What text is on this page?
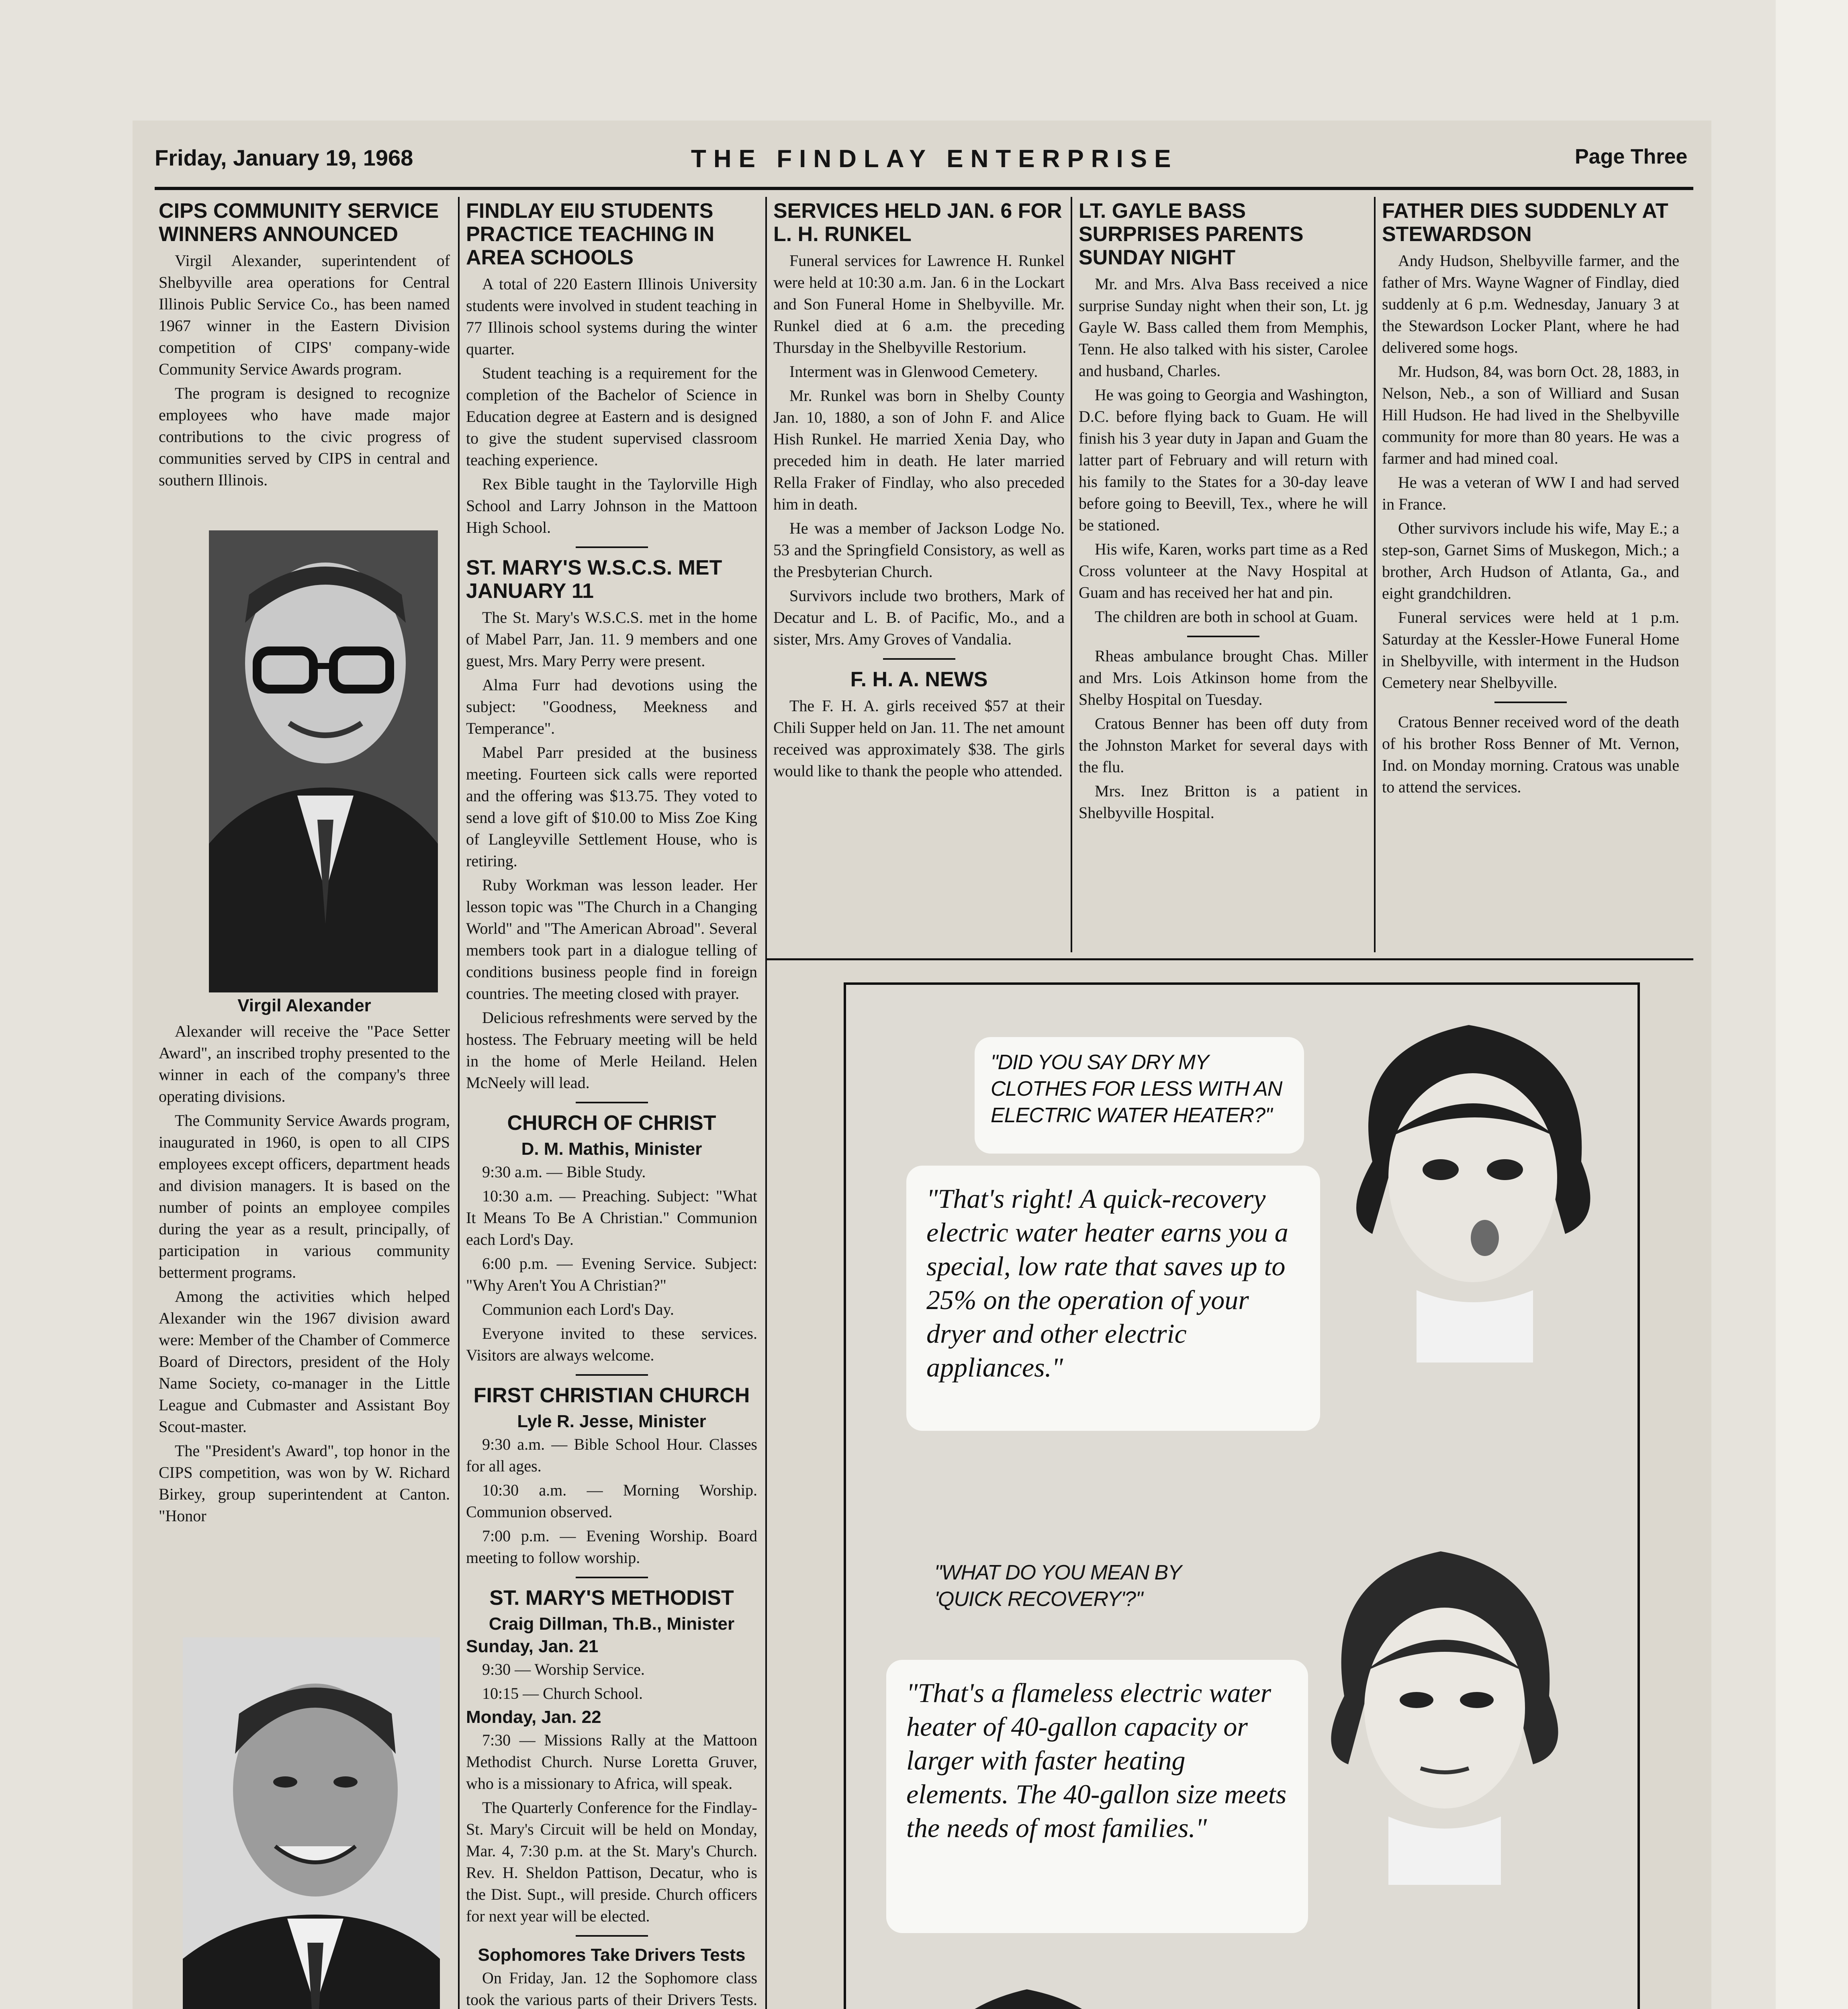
Friday, January 19, 1968	THE FINDLAY ENTERPRISE	Page Three
CIPS COMMUNITY SERVICE WINNERS ANNOUNCED

Virgil Alexander, superintendent of Shelbyville area operations for Central Illinois Public Service Co., has been named 1967 winner in the Eastern Division competition of CIPS' company-wide Community Service Awards program.

The program is designed to recognize employees who have made major contributions to the civic progress of communities served by CIPS in central and southern Illinois.

Virgil Alexander

Alexander will receive the "Pace Setter Award", an inscribed trophy presented to the winner in each of the company's three operating divisions.

The Community Service Awards program, inaugurated in 1960, is open to all CIPS employees except officers, department heads and division managers. It is based on the number of points an employee compiles during the year as a result, principally, of participation in various community betterment programs.

Among the activities which helped Alexander win the 1967 division award were: Member of the Chamber of Commerce Board of Directors, president of the Holy Name Society, co-manager in the Little League and Cubmaster and Assistant Boy Scout-master.

The "President's Award", top honor in the CIPS competition, was won by W. Richard Birkey, group superintendent at Canton. "Honor

FINDLAY EIU STUDENTS PRACTICE TEACHING IN AREA SCHOOLS

A total of 220 Eastern Illinois University students were involved in student teaching in 77 Illinois school systems during the winter quarter.

Student teaching is a requirement for the completion of the Bachelor of Science in Education degree at Eastern and is designed to give the student supervised classroom teaching experience.

Rex Bible taught in the Taylorville High School and Larry Johnson in the Mattoon High School.

ST. MARY'S W.S.C.S. MET JANUARY 11

The St. Mary's W.S.C.S. met in the home of Mabel Parr, Jan. 11. 9 members and one guest, Mrs. Mary Perry were present.

Alma Furr had devotions using the subject: "Goodness, Meekness and Temperance".

Mabel Parr presided at the business meeting. Fourteen sick calls were reported and the offering was $13.75. They voted to send a love gift of $10.00 to Miss Zoe King of Langleyville Settlement House, who is retiring.

Ruby Workman was lesson leader. Her lesson topic was "The Church in a Changing World" and "The American Abroad". Several members took part in a dialogue telling of conditions business people find in foreign countries. The meeting closed with prayer.

Delicious refreshments were served by the hostess. The February meeting will be held in the home of Merle Heiland. Helen McNeely will lead.

CHURCH OF CHRIST
D. M. Mathis, Minister

9:30 a.m. — Bible Study.

10:30 a.m. — Preaching. Subject: "What It Means To Be A Christian." Communion each Lord's Day.

6:00 p.m. — Evening Service. Subject: "Why Aren't You A Christian?"

Communion each Lord's Day.

Everyone invited to these services. Visitors are always welcome.

FIRST CHRISTIAN CHURCH
Lyle R. Jesse, Minister

9:30 a.m. — Bible School Hour. Classes for all ages.

10:30 a.m. — Morning Worship. Communion observed.

7:00 p.m. — Evening Worship. Board meeting to follow worship.

ST. MARY'S METHODIST
Craig Dillman, Th.B., Minister
Sunday, Jan. 21

9:30 — Worship Service.

10:15 — Church School.

Monday, Jan. 22

7:30 — Missions Rally at the Mattoon Methodist Church. Nurse Loretta Gruver, who is a missionary to Africa, will speak.

The Quarterly Conference for the Findlay-St. Mary's Circuit will be held on Monday, Mar. 4, 7:30 p.m. at the St. Mary's Church. Rev. H. Sheldon Pattison, Decatur, who is the Dist. Supt., will preside. Church officers for next year will be elected.

Sophomores Take Drivers Tests

On Friday, Jan. 12 the Sophomore class took the various parts of their Drivers Tests.

SERVICES HELD JAN. 6 FOR L. H. RUNKEL

Funeral services for Lawrence H. Runkel were held at 10:30 a.m. Jan. 6 in the Lockart and Son Funeral Home in Shelbyville. Mr. Runkel died at 6 a.m. the preceding Thursday in the Shelbyville Restorium.

Interment was in Glenwood Cemetery.

Mr. Runkel was born in Shelby County Jan. 10, 1880, a son of John F. and Alice Hish Runkel. He married Xenia Day, who preceded him in death. He later married Rella Fraker of Findlay, who also preceded him in death.

He was a member of Jackson Lodge No. 53 and the Springfield Consistory, as well as the Presbyterian Church.

Survivors include two brothers, Mark of Decatur and L. B. of Pacific, Mo., and a sister, Mrs. Amy Groves of Vandalia.

F. H. A. NEWS

The F. H. A. girls received $57 at their Chili Supper held on Jan. 11. The net amount received was approximately $38. The girls would like to thank the people who attended.

LT. GAYLE BASS SURPRISES PARENTS SUNDAY NIGHT

Mr. and Mrs. Alva Bass received a nice surprise Sunday night when their son, Lt. jg Gayle W. Bass called them from Memphis, Tenn. He also talked with his sister, Carolee and husband, Charles.

He was going to Georgia and Washington, D.C. before flying back to Guam. He will finish his 3 year duty in Japan and Guam the latter part of February and will return with his family to the States for a 30-day leave before going to Beevill, Tex., where he will be stationed.

His wife, Karen, works part time as a Red Cross volunteer at the Navy Hospital at Guam and has received her hat and pin.

The children are both in school at Guam.

Rheas ambulance brought Chas. Miller and Mrs. Lois Atkinson home from the Shelby Hospital on Tuesday.

Cratous Benner has been off duty from the Johnston Market for several days with the flu.

Mrs. Inez Britton is a patient in Shelbyville Hospital.

FATHER DIES SUDDENLY AT STEWARDSON

Andy Hudson, Shelbyville farmer, and the father of Mrs. Wayne Wagner of Findlay, died suddenly at 6 p.m. Wednesday, January 3 at the Stewardson Locker Plant, where he had delivered some hogs.

Mr. Hudson, 84, was born Oct. 28, 1883, in Nelson, Neb., a son of Williard and Susan Hill Hudson. He had lived in the Shelbyville community for more than 80 years. He was a farmer and had mined coal.

He was a veteran of WW I and had served in France.

Other survivors include his wife, May E.; a step-son, Garnet Sims of Muskegon, Mich.; a brother, Arch Hudson of Atlanta, Ga., and eight grandchildren.

Funeral services were held at 1 p.m. Saturday at the Kessler-Howe Funeral Home in Shelbyville, with interment in the Hudson Cemetery near Shelbyville.

Cratous Benner received word of the death of his brother Ross Benner of Mt. Vernon, Ind. on Monday morning. Cratous was unable to attend the services.

"DID YOU SAY DRY MY CLOTHES FOR LESS WITH AN ELECTRIC WATER HEATER?"
"That's right! A quick-recovery electric water heater earns you a special, low rate that saves up to 25% on the operation of your dryer and other electric appliances."
"WHAT DO YOU MEAN BY 'QUICK RECOVERY'?"
"That's a flameless electric water heater of 40-gallon capacity or larger with faster heating elements. The 40-gallon size meets the needs of most families."
